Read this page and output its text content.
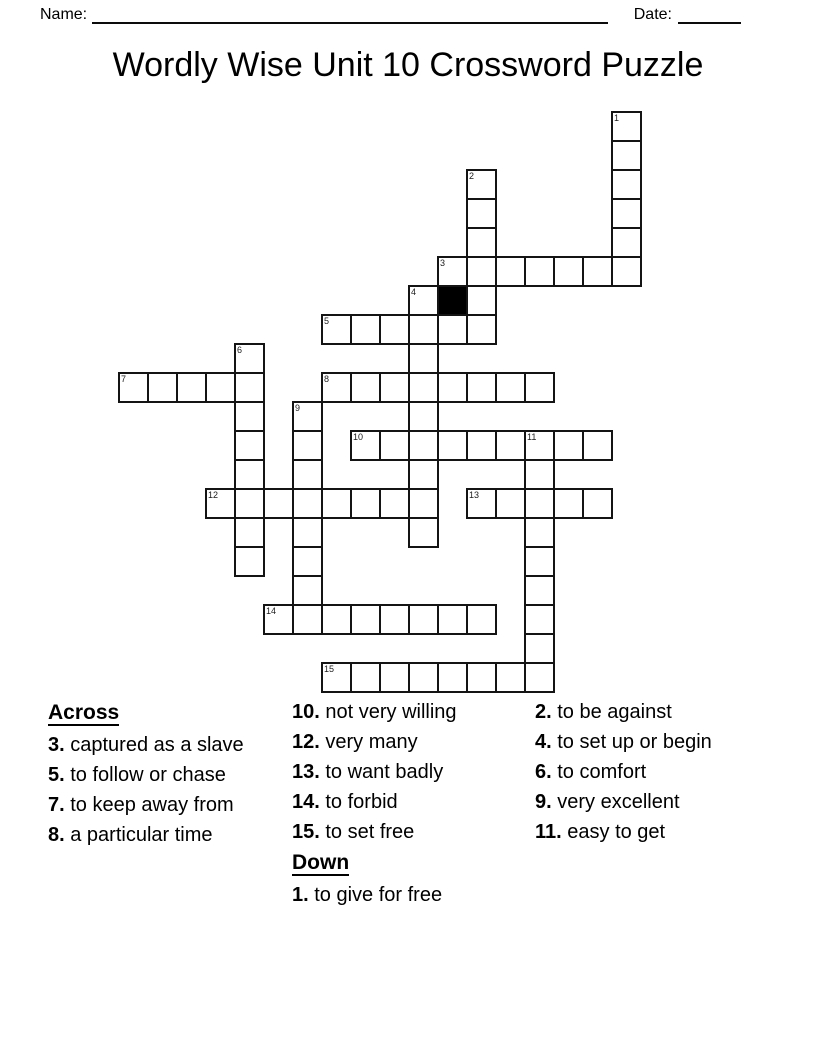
Name:	Date:
Wordly Wise Unit 10 Crossword Puzzle
1
2
3
4
5
6
7	8
9
10	11
12	13
14
15
Across
3. captured as a slave
5. to follow or chase
7. to keep away from
8. a particular time
10. not very willing
12. very many
13. to want badly
14. to forbid
15. to set free
Down
1. to give for free
2. to be against
4. to set up or begin
6. to comfort
9. very excellent
11. easy to get
